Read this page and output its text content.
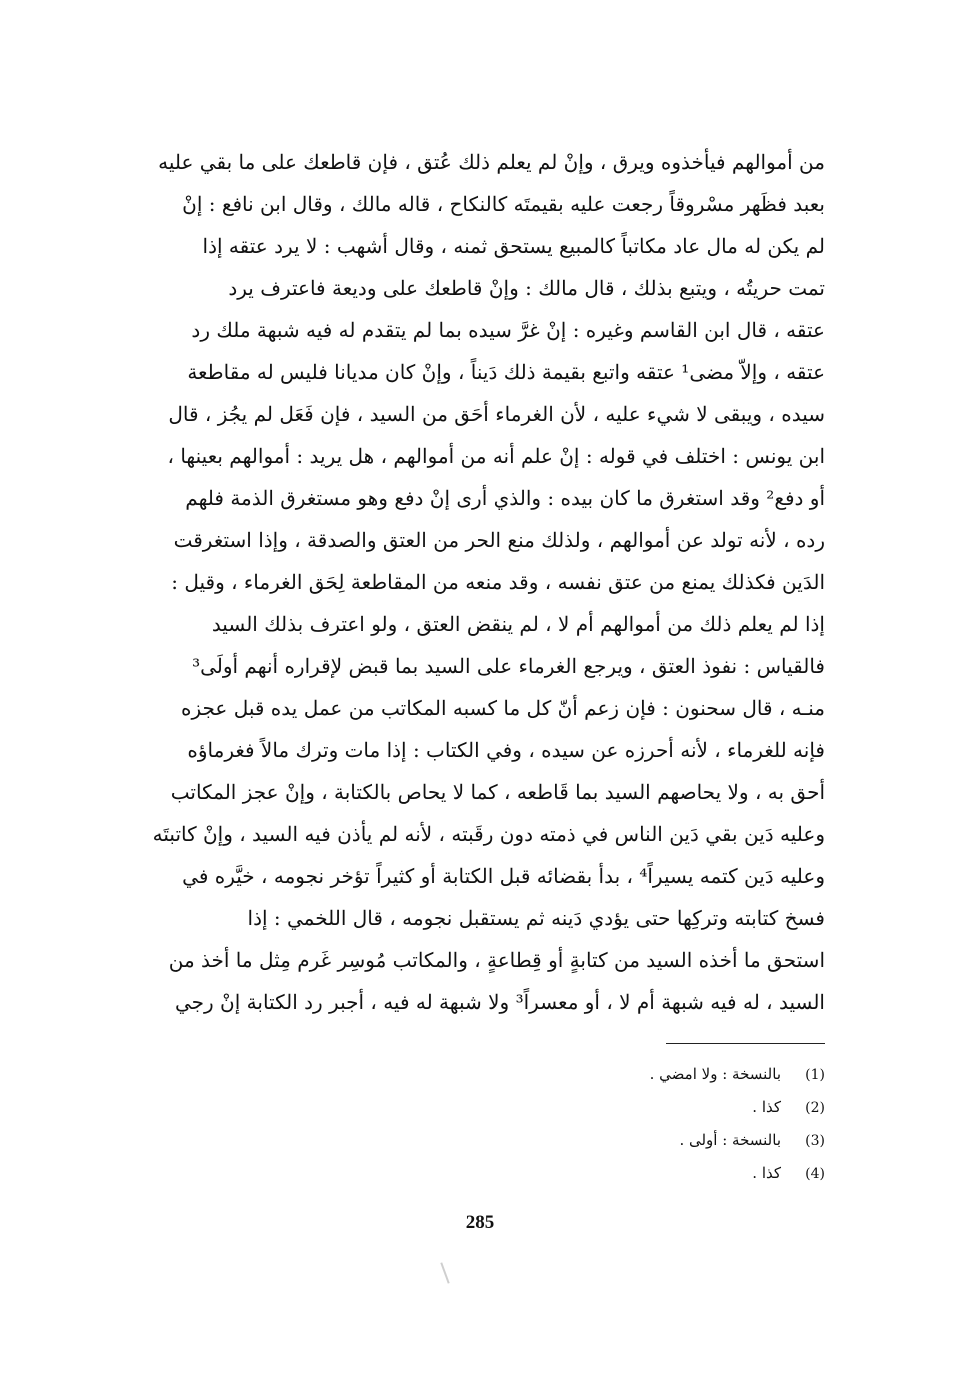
من أموالهم فيأخذوه ويرق ، وإنْ لم يعلم ذلك عُتق ، فإن قاطعك على ما بقي عليه
بعبد فظَهر مسْروقاً رجعت عليه بقيمتَه كالنكاح ، قاله مالك ، وقال ابن نافع : إنْ
لم يكن له مال عاد مكاتباً كالمبيع يستحق ثمنه ، وقال أشهب : لا يرد عتقه إذا
تمت حريتُه ، ويتبع بذلك ، قال مالك : وإنْ قاطعك على وديعة فاعترف يرد
عتقه ، قال ابن القاسم وغيره : إنْ غرَّ سيده بما لم يتقدم له فيه شبهة ملك رد
عتقه ، وإلاّ مضى¹ عتقه واتبع بقيمة ذلك دَيناً ، وإنْ كان مديانا فليس له مقاطعة
سيده ، ويبقى لا شيء عليه ، لأن الغرماء أحَق من السيد ، فإن فَعَل لم يجُز ، قال
ابن يونس : اختلف في قوله : إنْ علم أنه من أموالهم ، هل يريد : أموالهم بعينها ،
أو دفع² وقد استغرق ما كان بيده : والذي أرى إنْ دفع وهو مستغرق الذمة فلهم
رده ، لأنه تولد عن أموالهم ، ولذلك منع الحر من العتق والصدقة ، وإذا استغرقت
الدَين فكذلك يمنع من عتق نفسه ، وقد منعه من المقاطعة لِحَق الغرماء ، وقيل :
إذا لم يعلم ذلك من أموالهم أم لا ، لم ينقض العتق ، ولو اعترف بذلك السيد
فالقياس : نفوذ العتق ، ويرجع الغرماء على السيد بما قبض لإقراره أنهم أولَى³
منـه ، قال سحنون : فإن زعم أنّ كل ما كسبه المكاتب من عمل يده قبل عجزه
فإنه للغرماء ، لأنه أحرزه عن سيده ، وفي الكتاب : إذا مات وترك مالاً فغرماؤه
أحق به ، ولا يحاصهم السيد بما قَاطعه ، كما لا يحاص بالكتابة ، وإنْ عجز المكاتب
وعليه دَين بقي دَين الناس في ذمته دون رقَبته ، لأنه لم يأذن فيه السيد ، وإنْ كاتبتَه
وعليه دَين كتمه يسيراً⁴ ، بدأ بقضائه قبل الكتابة أو كثيراً تؤخر نجومه ، خيَّره في
فسخ كتابته وتركِها حتى يؤدي دَينه ثم يستقبل نجومه ، قال اللخمي : إذا
استحق ما أخذه السيد من كتابةٍ أو قِطاعةٍ ، والمكاتب مُوسِر غَرم مِثل ما أخذ من
السيد ، له فيه شبهة أم لا ، أو معسراً³ ولا شبهة له فيه ، أجبر رد الكتابة إنْ رجي
(1)بالنسخة : ولا امضي .
(2)كذا .
(3)بالنسخة : أولى .
(4)كذا .
285
